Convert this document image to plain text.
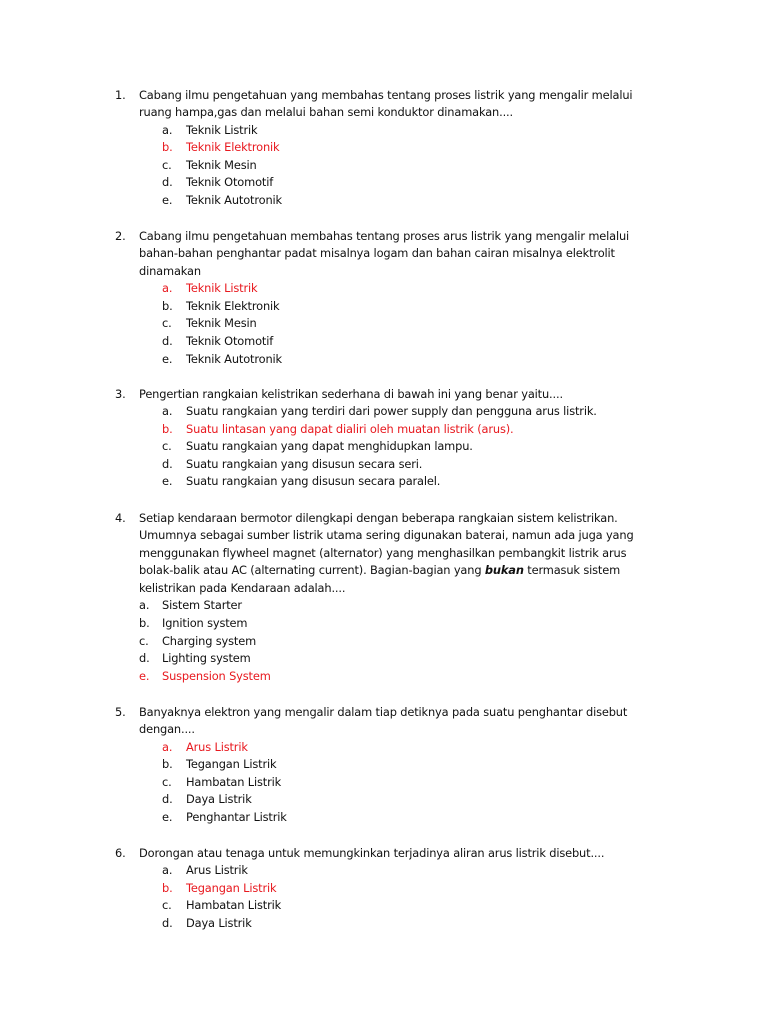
1. Cabang ilmu pengetahuan yang membahas tentang proses listrik yang mengalir melalui
ruang hampa,gas dan melalui bahan semi konduktor dinamakan....
a. Teknik Listrik
b. Teknik Elektronik
c. Teknik Mesin
d. Teknik Otomotif
e. Teknik Autotronik
2. Cabang ilmu pengetahuan membahas tentang proses arus listrik yang mengalir melalui
bahan-bahan penghantar padat misalnya logam dan bahan cairan misalnya elektrolit
dinamakan
a. Teknik Listrik
b. Teknik Elektronik
c. Teknik Mesin
d. Teknik Otomotif
e. Teknik Autotronik
3. Pengertian rangkaian kelistrikan sederhana di bawah ini yang benar yaitu....
a. Suatu rangkaian yang terdiri dari power supply dan pengguna arus listrik.
b. Suatu lintasan yang dapat dialiri oleh muatan listrik (arus).
c. Suatu rangkaian yang dapat menghidupkan lampu.
d. Suatu rangkaian yang disusun secara seri.
e. Suatu rangkaian yang disusun secara paralel.
4. Setiap kendaraan bermotor dilengkapi dengan beberapa rangkaian sistem kelistrikan.
Umumnya sebagai sumber listrik utama sering digunakan baterai, namun ada juga yang
menggunakan flywheel magnet (alternator) yang menghasilkan pembangkit listrik arus
bolak-balik atau AC (alternating current). Bagian-bagian yang bukan termasuk sistem
kelistrikan pada Kendaraan adalah....
a. Sistem Starter
b. Ignition system
c. Charging system
d. Lighting system
e. Suspension System
5. Banyaknya elektron yang mengalir dalam tiap detiknya pada suatu penghantar disebut
dengan....
a. Arus Listrik
b. Tegangan Listrik
c. Hambatan Listrik
d. Daya Listrik
e. Penghantar Listrik
6. Dorongan atau tenaga untuk memungkinkan terjadinya aliran arus listrik disebut....
a. Arus Listrik
b. Tegangan Listrik
c. Hambatan Listrik
d. Daya Listrik
